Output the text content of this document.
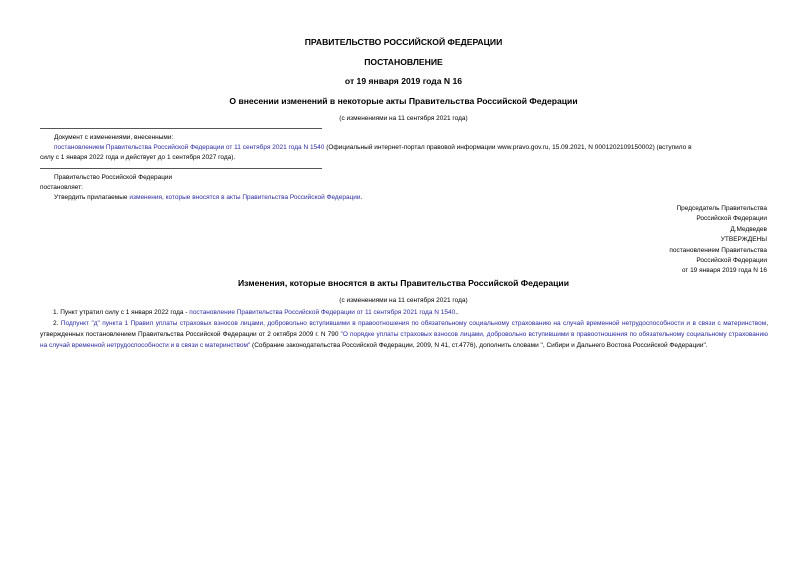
ПРАВИТЕЛЬСТВО РОССИЙСКОЙ ФЕДЕРАЦИИ
ПОСТАНОВЛЕНИЕ
от 19 января 2019 года N 16
О внесении изменений в некоторые акты Правительства Российской Федерации
(с изменениями на 11 сентября 2021 года)
Документ с изменениями, внесенными:
постановлением Правительства Российской Федерации от 11 сентября 2021 года N 1540 (Официальный интернет-портал правовой информации www.pravo.gov.ru, 15.09.2021, N 0001202109150002) (вступило в
силу с 1 января 2022 года и действует до 1 сентября 2027 года).
Правительство Российской Федерации
постановляет:
Утвердить прилагаемые изменения, которые вносятся в акты Правительства Российской Федерации.
Председатель Правительства
Российской Федерации
Д.Медведев
УТВЕРЖДЕНЫ
постановлением Правительства
Российской Федерации
от 19 января 2019 года N 16
Изменения, которые вносятся в акты Правительства Российской Федерации
(с изменениями на 11 сентября 2021 года)
1. Пункт утратил силу с 1 января 2022 года - постановление Правительства Российской Федерации от 11 сентября 2021 года N 1540..
2. Подпункт "д" пункта 1 Правил уплаты страховых взносов лицами, добровольно вступившими в правоотношения по обязательному социальному страхованию на случай временной нетрудоспособности и в связи с материнством, утвержденных постановлением Правительства Российской Федерации от 2 октября 2009 г. N 790 "О порядке уплаты страховых взносов лицами, добровольно вступившими в правоотношения по обязательному социальному страхованию на случай временной нетрудоспособности и в связи с материнством" (Собрание законодательства Российской Федерации, 2009, N 41, ст.4776), дополнить словами ", Сибири и Дальнего Востока Российской Федерации".
